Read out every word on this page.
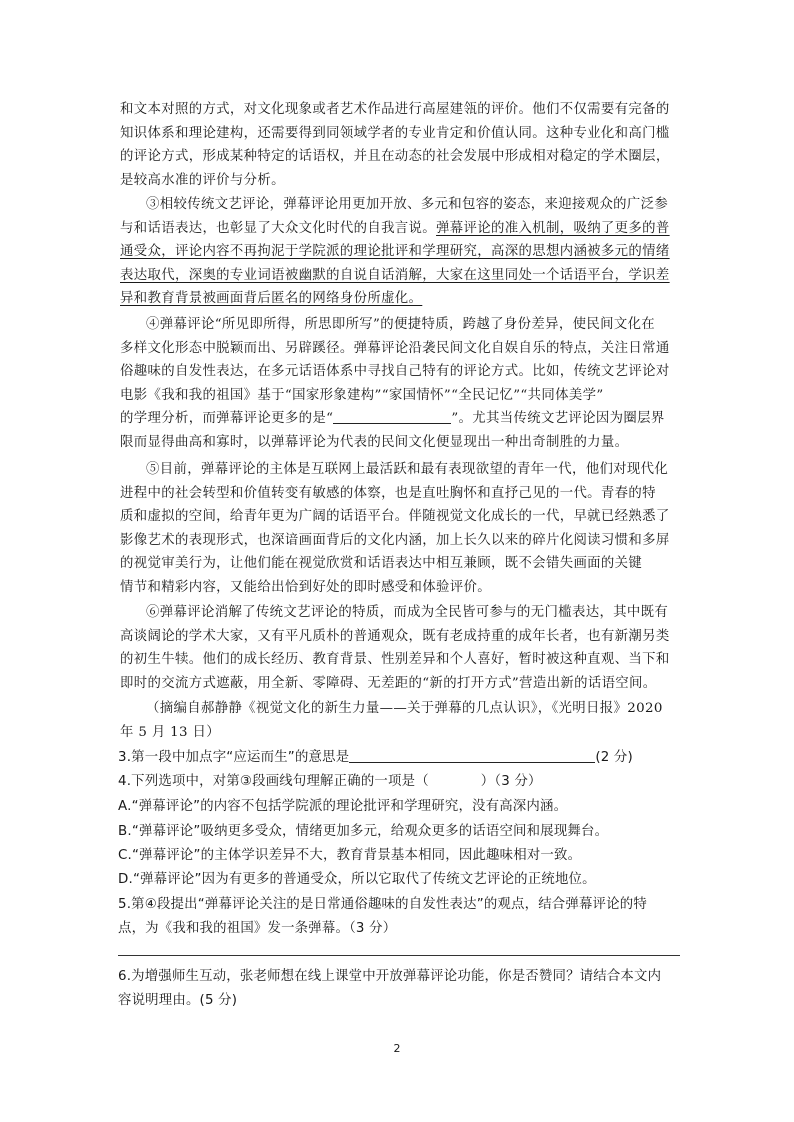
和文本对照的方式，对文化现象或者艺术作品进行高屋建瓴的评价。他们不仅需要有完备的
知识体系和理论建构，还需要得到同领域学者的专业肯定和价值认同。这种专业化和高门槛
的评论方式，形成某种特定的话语权，并且在动态的社会发展中形成相对稳定的学术圈层，
是较高水准的评价与分析。
③相较传统文艺评论，弹幕评论用更加开放、多元和包容的姿态，来迎接观众的广泛参
与和话语表达，也彰显了大众文化时代的自我言说。弹幕评论的准入机制，吸纳了更多的普
通受众，评论内容不再拘泥于学院派的理论批评和学理研究，高深的思想内涵被多元的情绪
表达取代，深奥的专业词语被幽默的自说自话消解，大家在这里同处一个话语平台，学识差
异和教育背景被画面背后匿名的网络身份所虚化。
④弹幕评论“所见即所得，所思即所写”的便捷特质，跨越了身份差异，使民间文化在
多样文化形态中脱颖而出、另辟蹊径。弹幕评论沿袭民间文化自娱自乐的特点，关注日常通
俗趣味的自发性表达，在多元话语体系中寻找自己特有的评论方式。比如，传统文艺评论对
电影《我和我的祖国》基于“国家形象建构”“家国情怀”“全民记忆”“共同体美学”
的学理分析，而弹幕评论更多的是“	”。尤其当传统文艺评论因为圈层界
限而显得曲高和寡时，以弹幕评论为代表的民间文化便显现出一种出奇制胜的力量。
⑤目前，弹幕评论的主体是互联网上最活跃和最有表现欲望的青年一代，他们对现代化
进程中的社会转型和价值转变有敏感的体察，也是直吐胸怀和直抒己见的一代。青春的特
质和虚拟的空间，给青年更为广阔的话语平台。伴随视觉文化成长的一代，早就已经熟悉了
影像艺术的表现形式，也深谙画面背后的文化内涵，加上长久以来的碎片化阅读习惯和多屏
的视觉审美行为，让他们能在视觉欣赏和话语表达中相互兼顾，既不会错失画面的关键
情节和精彩内容，又能给出恰到好处的即时感受和体验评价。
⑥弹幕评论消解了传统文艺评论的特质，而成为全民皆可参与的无门槛表达，其中既有
高谈阔论的学术大家，又有平凡质朴的普通观众，既有老成持重的成年长者，也有新潮另类
的初生牛犊。他们的成长经历、教育背景、性别差异和个人喜好，暂时被这种直观、当下和
即时的交流方式遮蔽，用全新、零障碍、无差距的“新的打开方式”营造出新的话语空间。
（摘编自郝静静《视觉文化的新生力量——关于弹幕的几点认识》，《光明日报》2020
年 5 月 13 日）
3.第一段中加点字“应运而生”的意思是	(2 分)
4.下列选项中，对第③段画线句理解正确的一项是（	）（3 分）
A.“弹幕评论”的内容不包括学院派的理论批评和学理研究，没有高深内涵。
B.“弹幕评论”吸纳更多受众，情绪更加多元，给观众更多的话语空间和展现舞台。
C.“弹幕评论”的主体学识差异不大，教育背景基本相同，因此趣味相对一致。
D.“弹幕评论”因为有更多的普通受众，所以它取代了传统文艺评论的正统地位。
5.第④段提出“弹幕评论关注的是日常通俗趣味的自发性表达”的观点，结合弹幕评论的特
点，为《我和我的祖国》发一条弹幕。（3 分）
6.为增强师生互动，张老师想在线上课堂中开放弹幕评论功能，你是否赞同？请结合本文内
容说明理由。(5 分)
2
